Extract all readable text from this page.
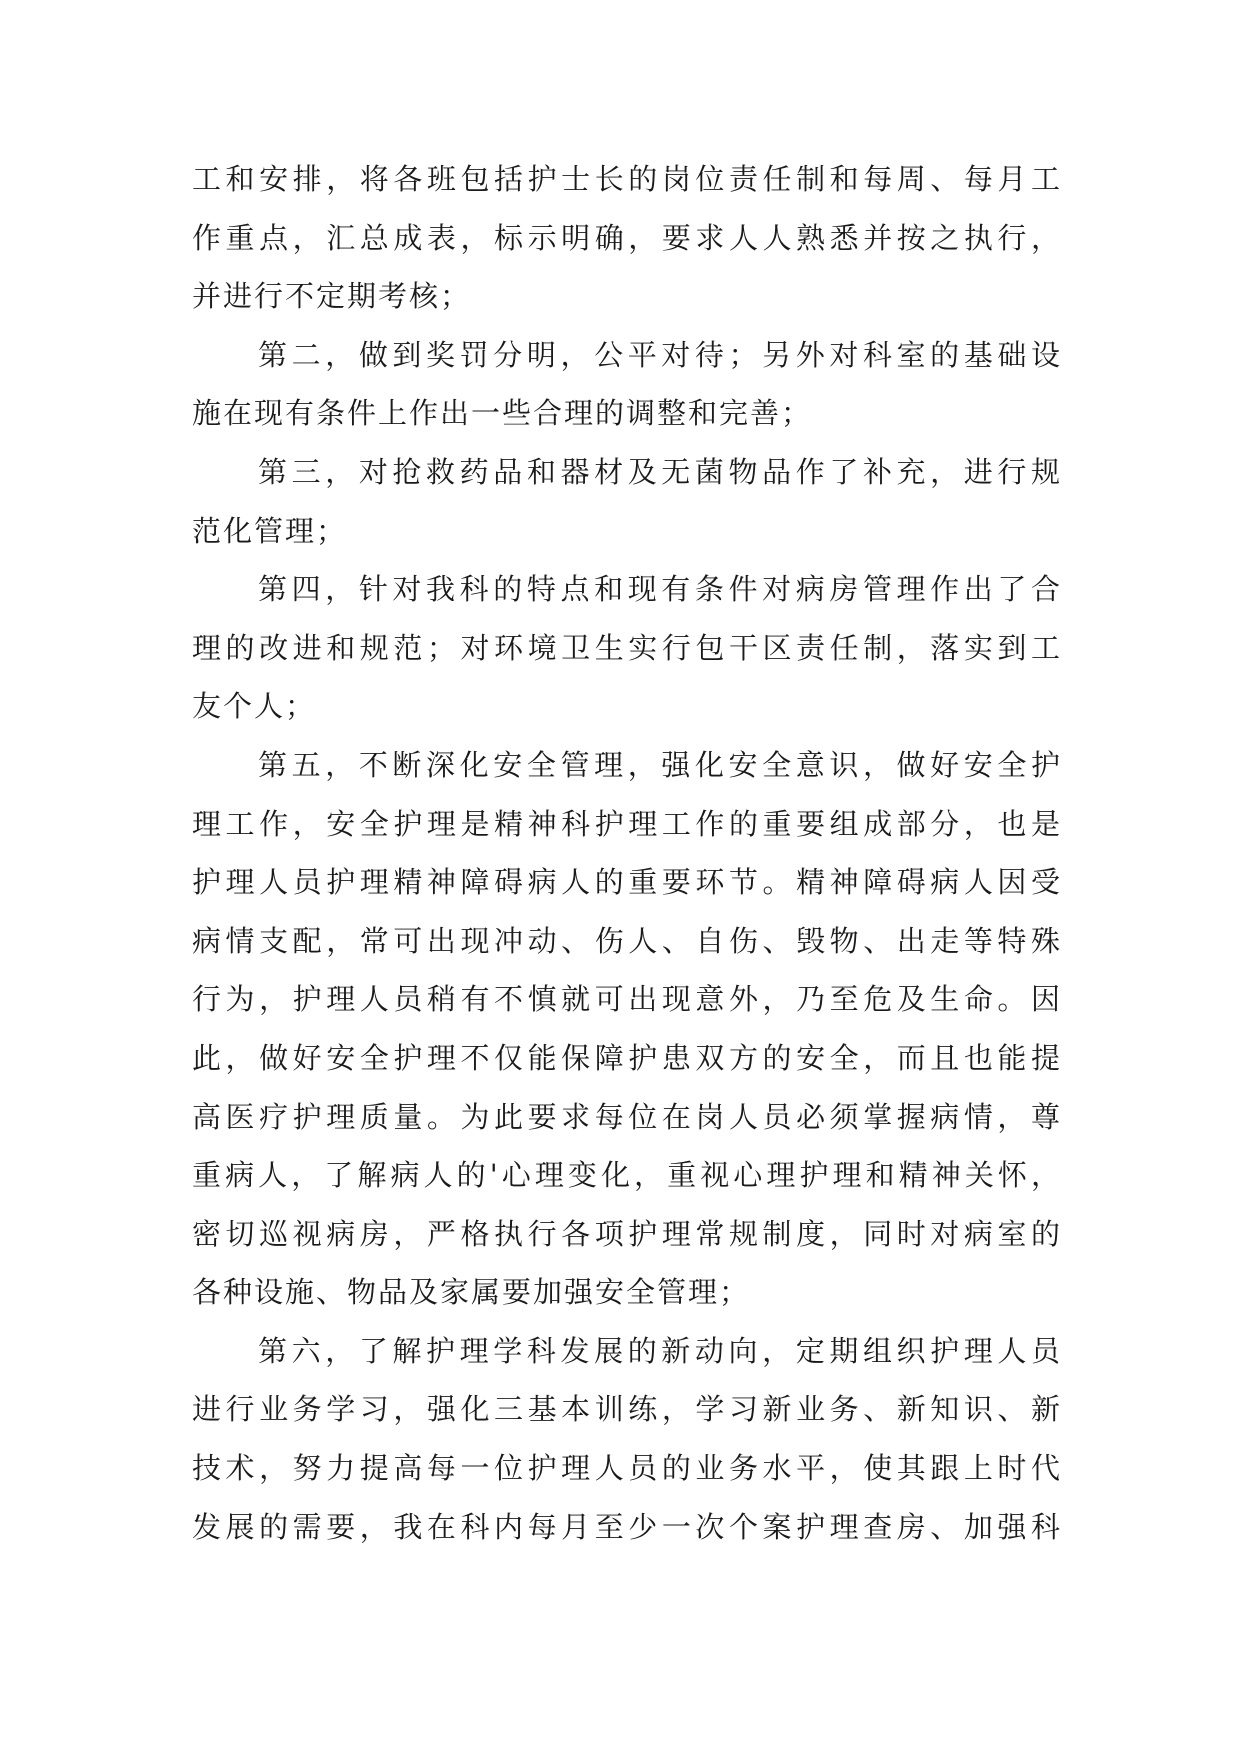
工和安排，将各班包括护士长的岗位责任制和每周、每月工
作重点，汇总成表，标示明确，要求人人熟悉并按之执行，
并进行不定期考核；
第二，做到奖罚分明，公平对待；另外对科室的基础设
施在现有条件上作出一些合理的调整和完善；
第三，对抢救药品和器材及无菌物品作了补充，进行规
范化管理；
第四，针对我科的特点和现有条件对病房管理作出了合
理的改进和规范；对环境卫生实行包干区责任制，落实到工
友个人；
第五，不断深化安全管理，强化安全意识，做好安全护
理工作，安全护理是精神科护理工作的重要组成部分，也是
护理人员护理精神障碍病人的重要环节。精神障碍病人因受
病情支配，常可出现冲动、伤人、自伤、毁物、出走等特殊
行为，护理人员稍有不慎就可出现意外，乃至危及生命。因
此，做好安全护理不仅能保障护患双方的安全，而且也能提
高医疗护理质量。为此要求每位在岗人员必须掌握病情，尊
重病人，了解病人的'心理变化，重视心理护理和精神关怀，
密切巡视病房，严格执行各项护理常规制度，同时对病室的
各种设施、物品及家属要加强安全管理；
第六，了解护理学科发展的新动向，定期组织护理人员
进行业务学习，强化三基本训练，学习新业务、新知识、新
技术，努力提高每一位护理人员的业务水平，使其跟上时代
发展的需要，我在科内每月至少一次个案护理查房、加强科
